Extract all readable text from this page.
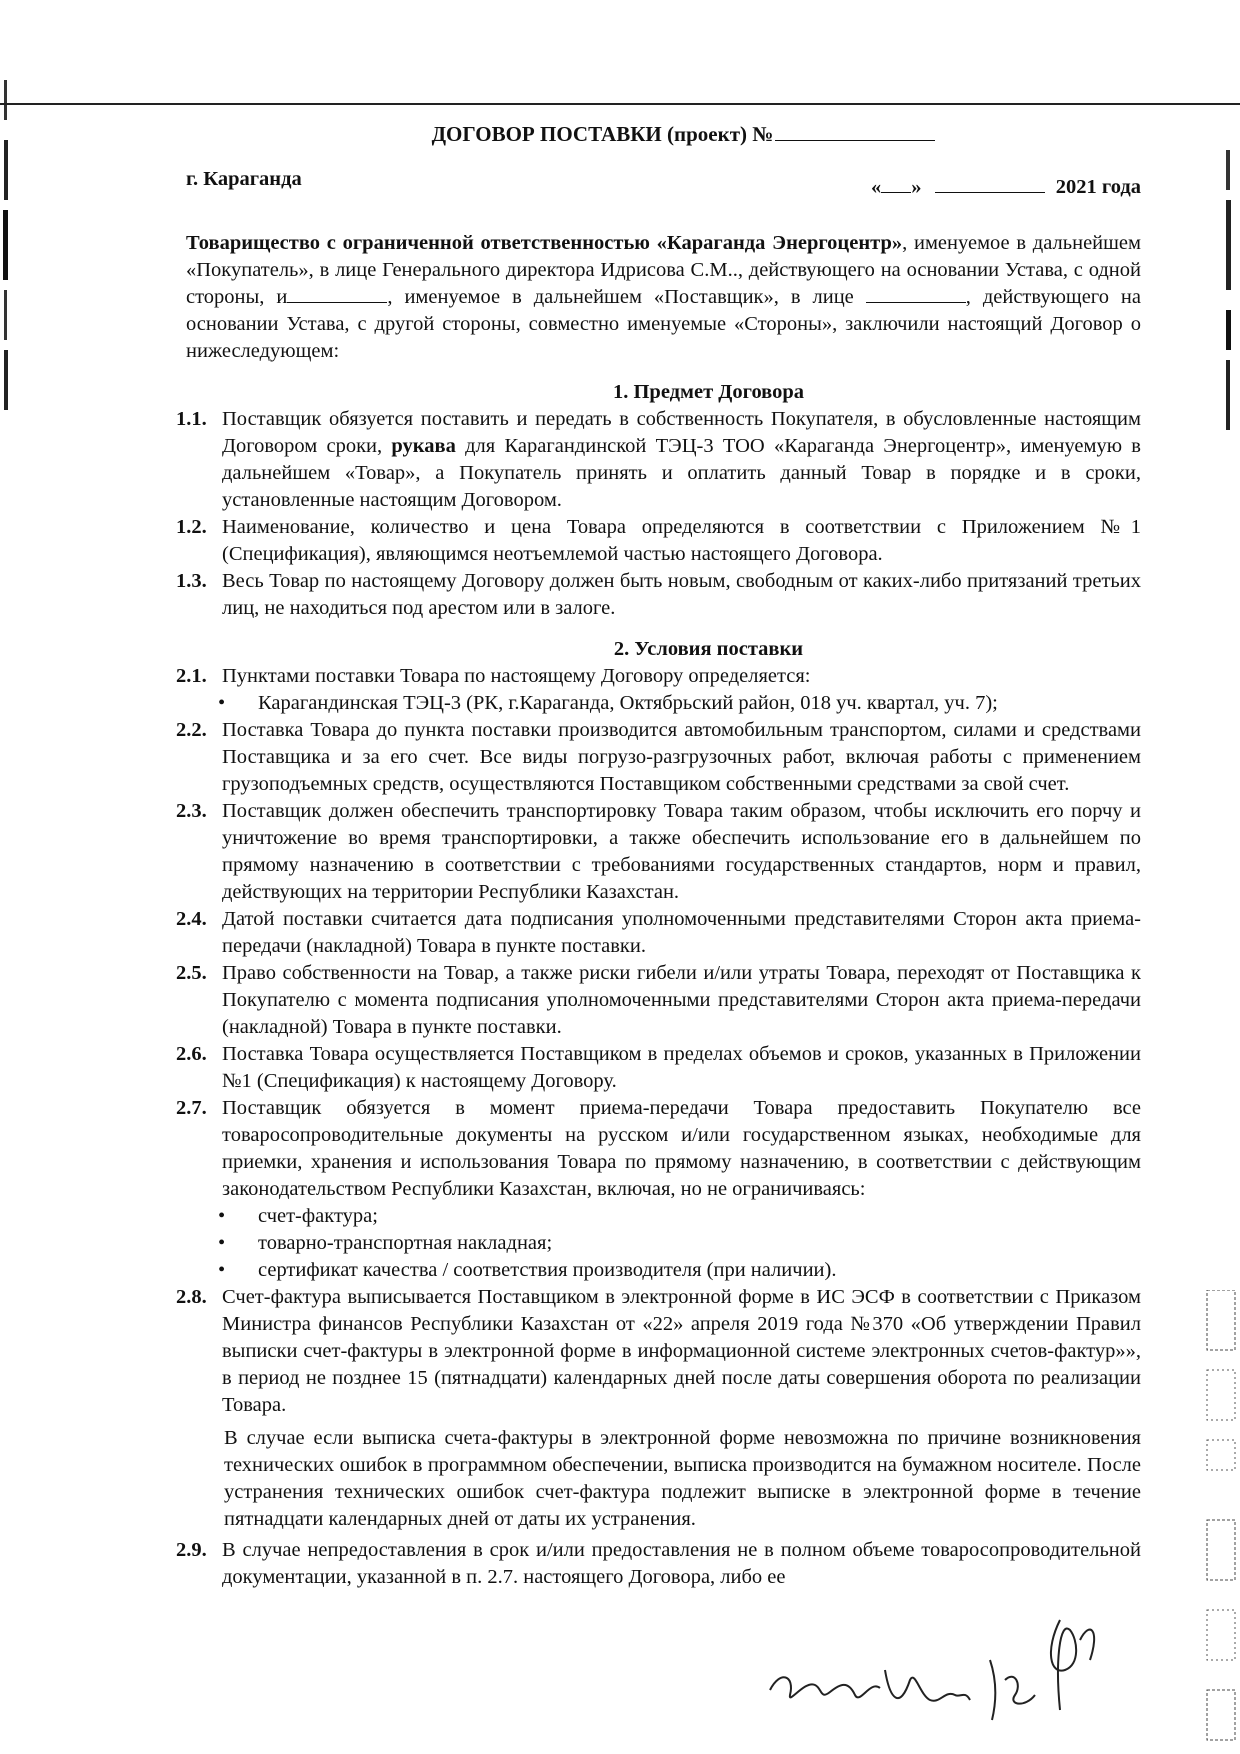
ДОГОВОР ПОСТАВКИ (проект) №
г. Караганда	« »	2021 года
Товарищество с ограниченной ответственностью «Караганда Энергоцентр», именуемое в дальнейшем «Покупатель», в лице Генерального директора Идрисова С.М.., действующего на основании Устава, с одной стороны, и	, именуемое в дальнейшем «Поставщик», в лице	, действующего на основании Устава, с другой стороны, совместно именуемые «Стороны», заключили настоящий Договор о нижеследующем:
1. Предмет Договора
1.1. Поставщик обязуется поставить и передать в собственность Покупателя, в обусловленные настоящим Договором сроки, рукава для Карагандинской ТЭЦ-3 ТОО «Караганда Энергоцентр», именуемую в дальнейшем «Товар», а Покупатель принять и оплатить данный Товар в порядке и в сроки, установленные настоящим Договором.
1.2. Наименование, количество и цена Товара определяются в соответствии с Приложением №1 (Спецификация), являющимся неотъемлемой частью настоящего Договора.
1.3. Весь Товар по настоящему Договору должен быть новым, свободным от каких-либо притязаний третьих лиц, не находиться под арестом или в залоге.
2. Условия поставки
2.1. Пунктами поставки Товара по настоящему Договору определяется:
• Карагандинская ТЭЦ-3 (РК, г.Караганда, Октябрьский район, 018 уч. квартал, уч. 7);
2.2. Поставка Товара до пункта поставки производится автомобильным транспортом, силами и средствами Поставщика и за его счет. Все виды погрузо-разгрузочных работ, включая работы с применением грузоподъемных средств, осуществляются Поставщиком собственными средствами за свой счет.
2.3. Поставщик должен обеспечить транспортировку Товара таким образом, чтобы исключить его порчу и уничтожение во время транспортировки, а также обеспечить использование его в дальнейшем по прямому назначению в соответствии с требованиями государственных стандартов, норм и правил, действующих на территории Республики Казахстан.
2.4. Датой поставки считается дата подписания уполномоченными представителями Сторон акта приема-передачи (накладной) Товара в пункте поставки.
2.5. Право собственности на Товар, а также риски гибели и/или утраты Товара, переходят от Поставщика к Покупателю с момента подписания уполномоченными представителями Сторон акта приема-передачи (накладной) Товара в пункте поставки.
2.6. Поставка Товара осуществляется Поставщиком в пределах объемов и сроков, указанных в Приложении №1 (Спецификация) к настоящему Договору.
2.7. Поставщик обязуется в момент приема-передачи Товара предоставить Покупателю все товаросопроводительные документы на русском и/или государственном языках, необходимые для приемки, хранения и использования Товара по прямому назначению, в соответствии с действующим законодательством Республики Казахстан, включая, но не ограничиваясь:
• счет-фактура;
• товарно-транспортная накладная;
• сертификат качества / соответствия производителя (при наличии).
2.8. Счет-фактура выписывается Поставщиком в электронной форме в ИС ЭСФ в соответствии с Приказом Министра финансов Республики Казахстан от «22» апреля 2019 года №370 «Об утверждении Правил выписки счет-фактуры в электронной форме в информационной системе электронных счетов-фактур»», в период не позднее 15 (пятнадцати) календарных дней после даты совершения оборота по реализации Товара.
В случае если выписка счета-фактуры в электронной форме невозможна по причине возникновения технических ошибок в программном обеспечении, выписка производится на бумажном носителе. После устранения технических ошибок счет-фактура подлежит выписке в электронной форме в течение пятнадцати календарных дней от даты их устранения.
2.9. В случае непредоставления в срок и/или предоставления не в полном объеме товаросопроводительной документации, указанной в п. 2.7. настоящего Договора, либо ее
